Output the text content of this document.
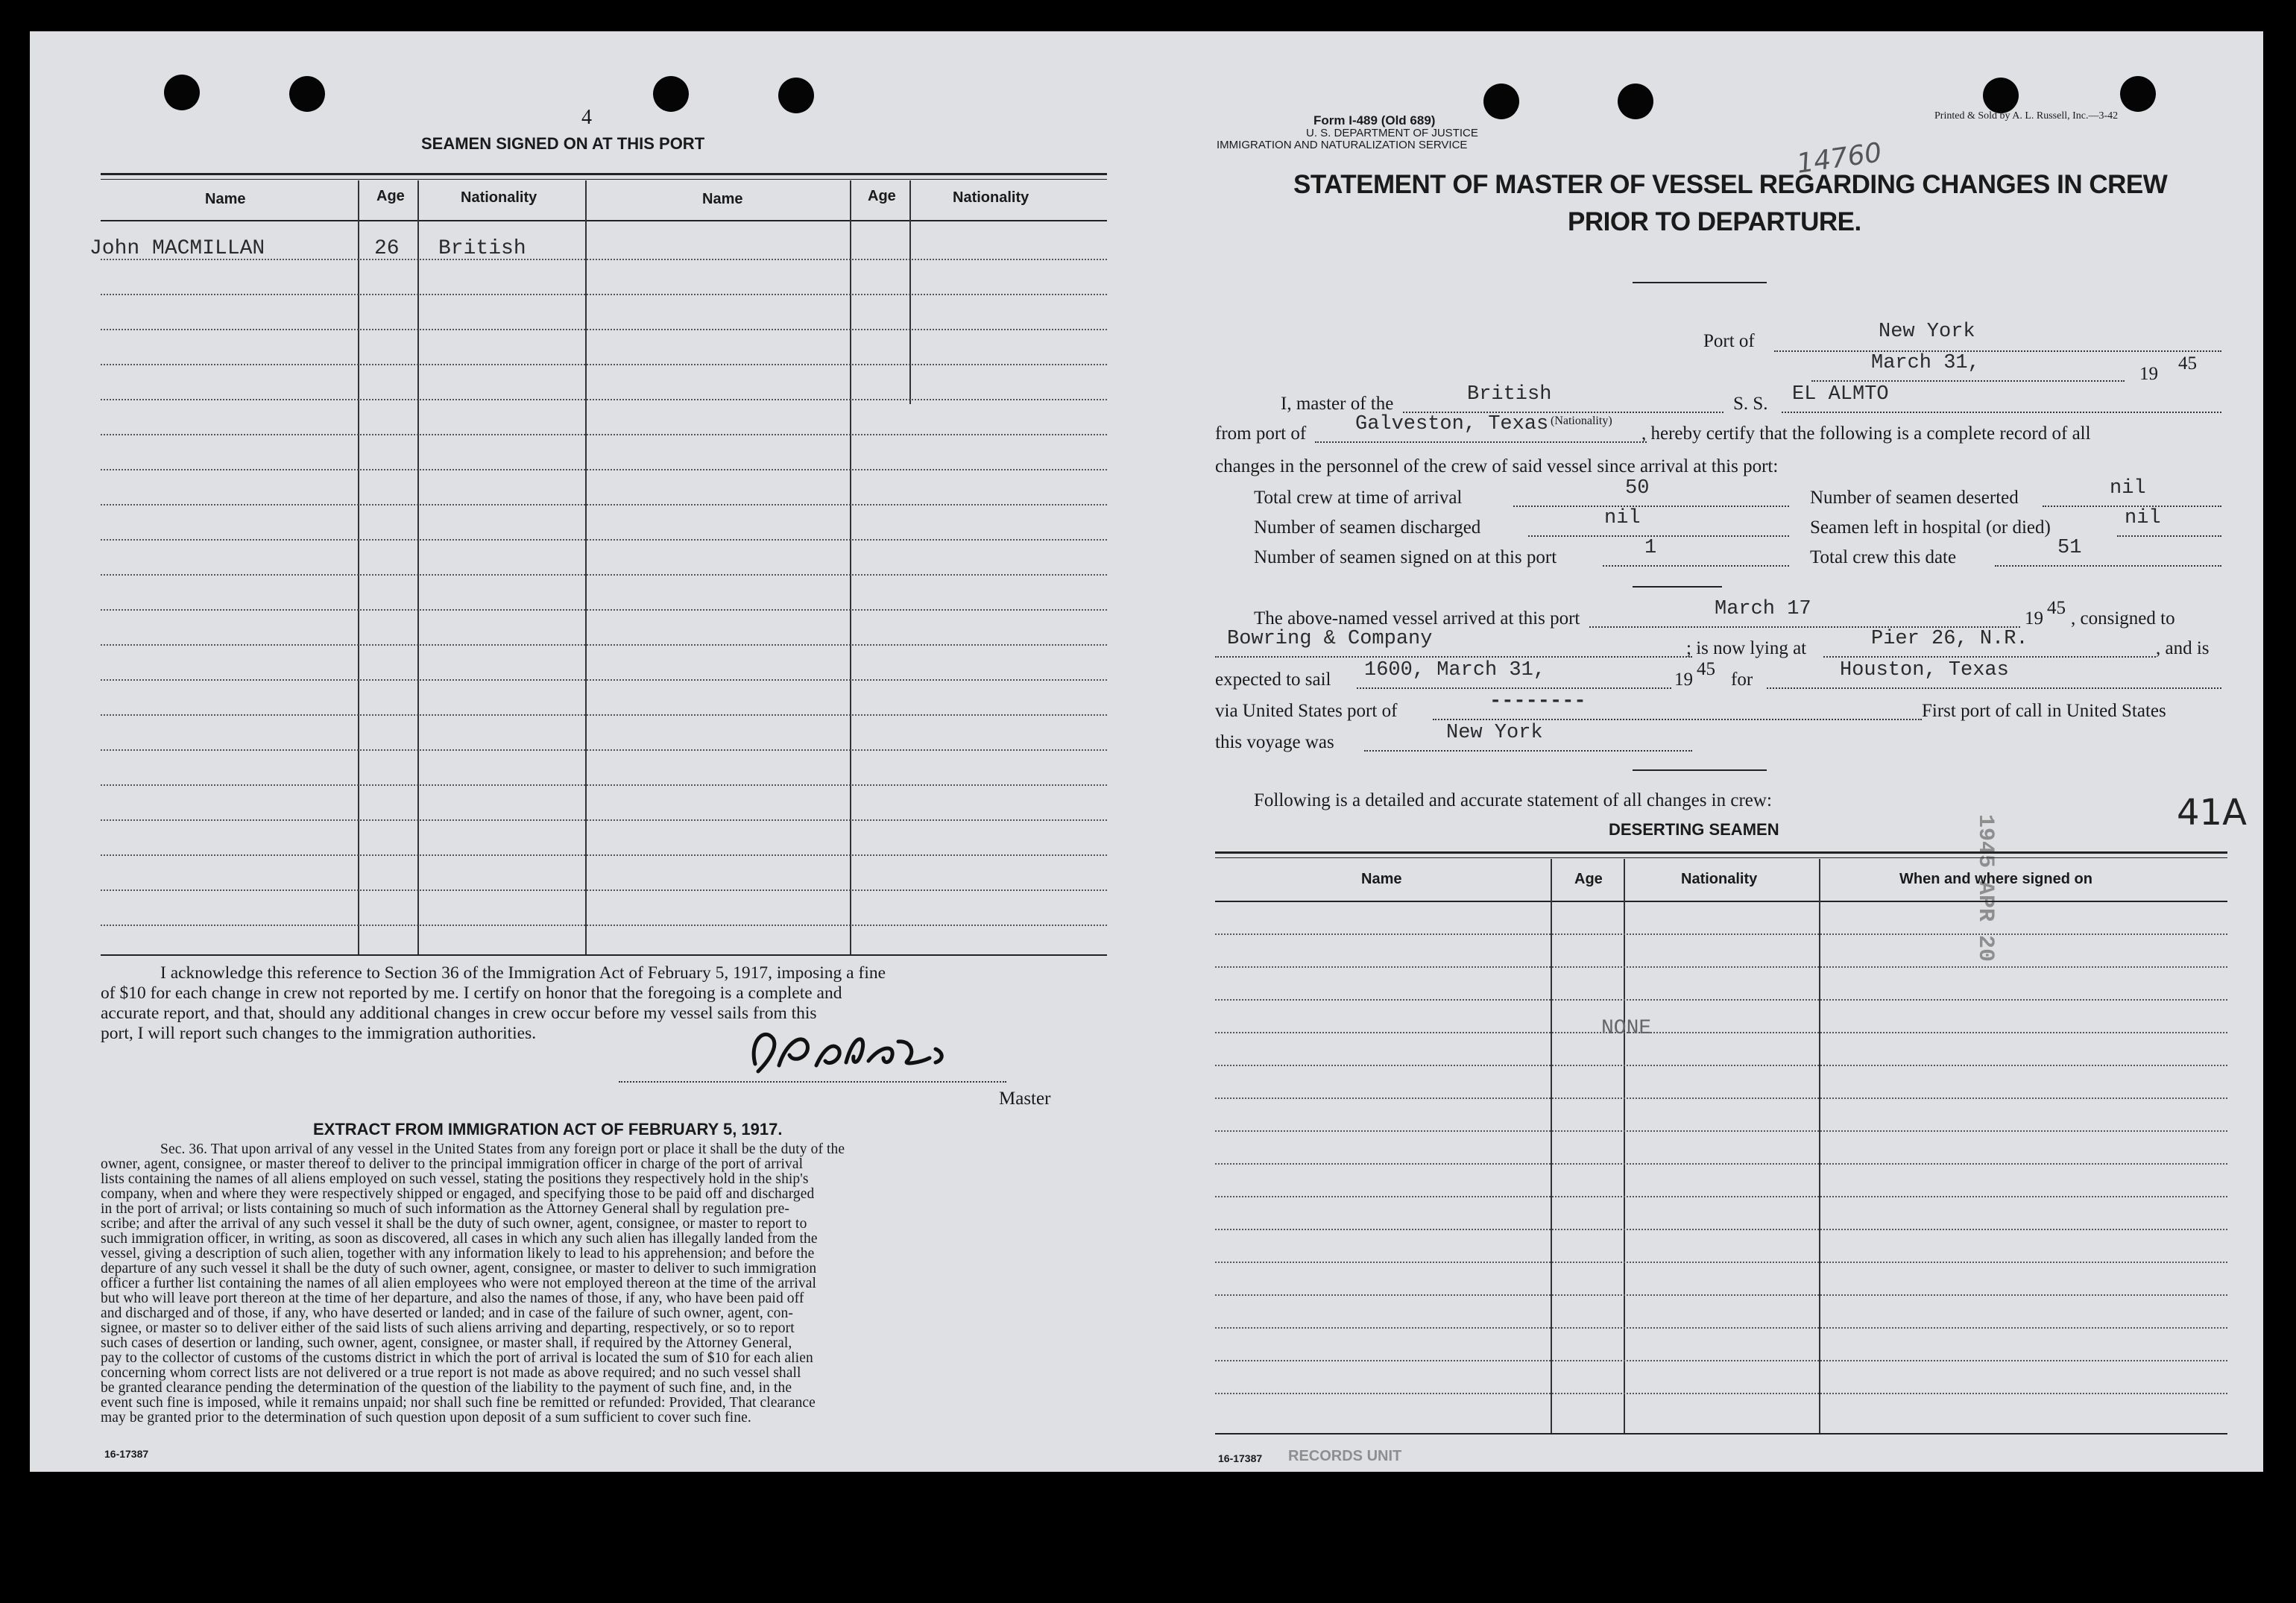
4
SEAMEN SIGNED ON AT THIS PORT
Name	Age	Nationality	Name	Age	Nationality
John MACMILLAN	26 British
I acknowledge this reference to Section 36 of the Immigration Act of February 5, 1917, imposing a fine
of $10 for each change in crew not reported by me. I certify on honor that the foregoing is a complete and
accurate report, and that, should any additional changes in crew occur before my vessel sails from this
port, I will report such changes to the immigration authorities.
Master
EXTRACT FROM IMMIGRATION ACT OF FEBRUARY 5, 1917.
Sec. 36. That upon arrival of any vessel in the United States from any foreign port or place it shall be the duty of the
owner, agent, consignee, or master thereof to deliver to the principal immigration officer in charge of the port of arrival
lists containing the names of all aliens employed on such vessel, stating the positions they respectively hold in the ship's
company, when and where they were respectively shipped or engaged, and specifying those to be paid off and discharged
in the port of arrival; or lists containing so much of such information as the Attorney General shall by regulation pre-
scribe; and after the arrival of any such vessel it shall be the duty of such owner, agent, consignee, or master to report to
such immigration officer, in writing, as soon as discovered, all cases in which any such alien has illegally landed from the
vessel, giving a description of such alien, together with any information likely to lead to his apprehension; and before the
departure of any such vessel it shall be the duty of such owner, agent, consignee, or master to deliver to such immigration
officer a further list containing the names of all alien employees who were not employed thereon at the time of the arrival
but who will leave port thereon at the time of her departure, and also the names of those, if any, who have been paid off
and discharged and of those, if any, who have deserted or landed; and in case of the failure of such owner, agent, con-
signee, or master so to deliver either of the said lists of such aliens arriving and departing, respectively, or so to report
such cases of desertion or landing, such owner, agent, consignee, or master shall, if required by the Attorney General,
pay to the collector of customs of the customs district in which the port of arrival is located the sum of $10 for each alien
concerning whom correct lists are not delivered or a true report is not made as above required; and no such vessel shall
be granted clearance pending the determination of the question of the liability to the payment of such fine, and, in the
event such fine is imposed, while it remains unpaid; nor shall such fine be remitted or refunded: Provided, That clearance
may be granted prior to the determination of such question upon deposit of a sum sufficient to cover such fine.
16-17387
Form I-489 (Old 689)
U. S. DEPARTMENT OF JUSTICE
IMMIGRATION AND NATURALIZATION SERVICE
Printed & Sold by A. L. Russell, Inc.—3-42
14760
STATEMENT OF MASTER OF VESSEL REGARDING CHANGES IN CREW
PRIOR TO DEPARTURE.
Port of	New York
March 31,	19
45
I, master of the	British
(Nationality)
S. S. EL ALMTO
from port of Galveston, Texas	, hereby certify that the following is a complete record of all
changes in the personnel of the crew of said vessel since arrival at this port:
Total crew at time of arrival	50	Number of seamen deserted	nil
Number of seamen discharged	nil	Seamen left in hospital (or died)	nil
Number of seamen signed on at this port	1	Total crew this date	51
The above-named vessel arrived at this port	March 17	19
45
, consigned to
Bowring & Company	; is now lying at	Pier 26, N.R.	, and is
expected to sail 1600, March 31,	19
45
for	Houston, Texas
via United States port of	--------	First port of call in United States
this voyage was	New York
Following is a detailed and accurate statement of all changes in crew:
DESERTING SEAMEN	41A
1945 APR 20
Name	Age	Nationality	When and where signed on
NONE
16-17387 RECORDS UNIT
